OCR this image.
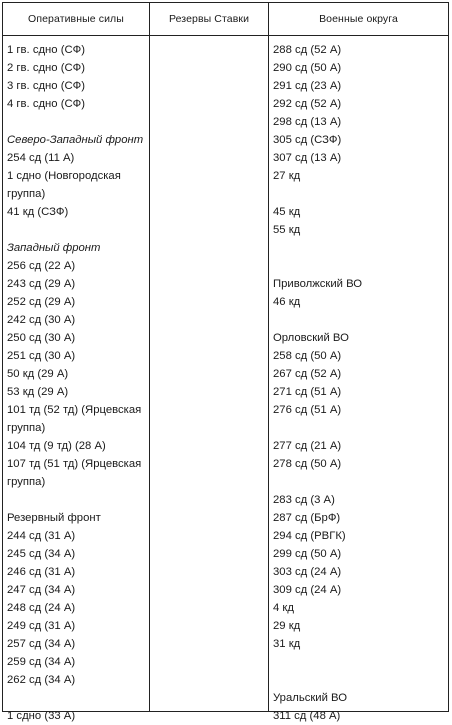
Оперативные силы	Резервы Ставки	Военные округа
1 гв. сдно (СФ)
2 гв. сдно (СФ)
3 гв. сдно (СФ)
4 гв. сдно (СФ)
Северо-Западный фронт
254 сд (11 А)
1 сдно (Новгородская
группа)
41 кд (СЗФ)
Западный фронт
256 сд (22 А)
243 сд (29 А)
252 сд (29 А)
242 сд (30 А)
250 сд (30 А)
251 сд (30 А)
50 кд (29 А)
53 кд (29 А)
101 тд (52 тд) (Ярцевская
группа)
104 тд (9 тд) (28 А)
107 тд (51 тд) (Ярцевская
группа)
Резервный фронт
244 сд (31 А)
245 сд (34 А)
246 сд (31 А)
247 сд (34 А)
248 сд (24 А)
249 сд (31 А)
257 сд (34 А)
259 сд (34 А)
262 сд (34 А)
1 сдно (33 А)
288 сд (52 А)
290 сд (50 А)
291 сд (23 А)
292 сд (52 А)
298 сд (13 А)
305 сд (СЗФ)
307 сд (13 А)
27 кд
45 кд
55 кд
Приволжский ВО
46 кд
Орловский ВО
258 сд (50 А)
267 сд (52 А)
271 сд (51 А)
276 сд (51 А)
277 сд (21 А)
278 сд (50 А)
283 сд (3 А)
287 сд (БрФ)
294 сд (РВГК)
299 сд (50 А)
303 сд (24 А)
309 сд (24 А)
4 кд
29 кд
31 кд
Уральский ВО
311 сд (48 А)
